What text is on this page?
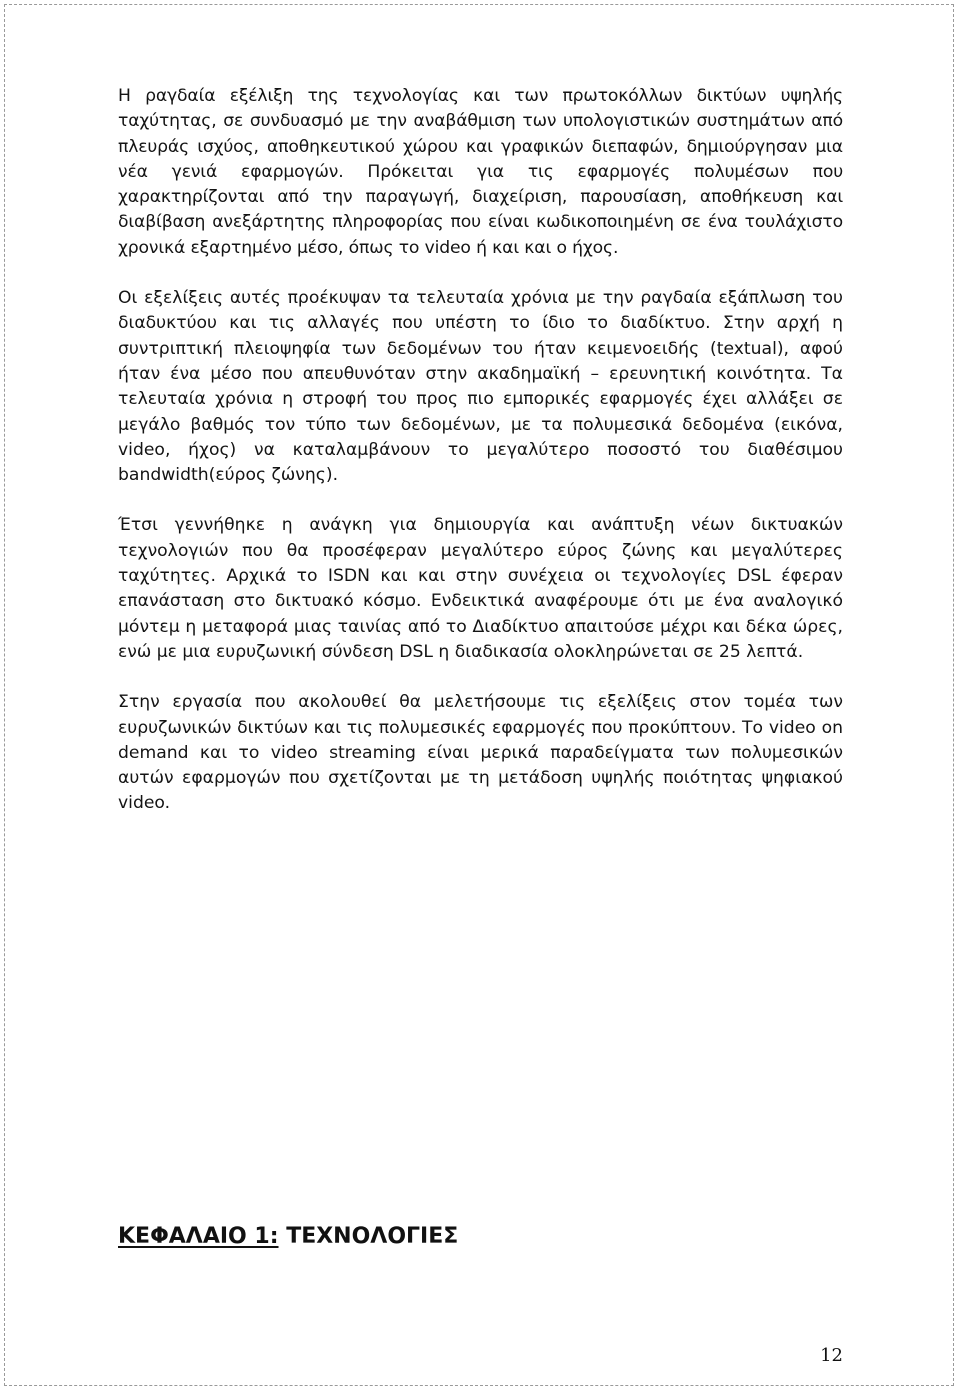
Η ραγδαία εξέλιξη της τεχνολογίας και των πρωτοκόλλων δικτύων υψηλής ταχύτητας, σε συνδυασμό με την αναβάθμιση των υπολογιστικών συστημάτων από πλευράς ισχύος, αποθηκευτικού χώρου και γραφικών διεπαφών, δημιούργησαν μια νέα γενιά εφαρμογών. Πρόκειται για τις εφαρμογές πολυμέσων που χαρακτηρίζονται από την παραγωγή, διαχείριση, παρουσίαση, αποθήκευση και διαβίβαση ανεξάρτητης πληροφορίας που είναι κωδικοποιημένη σε ένα τουλάχιστο χρονικά εξαρτημένο μέσο, όπως το video ή και και ο ήχος.

Οι εξελίξεις αυτές προέκυψαν τα τελευταία χρόνια με την ραγδαία εξάπλωση του διαδυκτύου και τις αλλαγές που υπέστη το ίδιο το διαδίκτυο. Στην αρχή η συντριπτική πλειοψηφία των δεδομένων του ήταν κειμενοειδής (textual), αφού ήταν ένα μέσο που απευθυνόταν στην ακαδημαϊκή – ερευνητική κοινότητα. Τα τελευταία χρόνια η στροφή του προς πιο εμπορικές εφαρμογές έχει αλλάξει σε μεγάλο βαθμός τον τύπο των δεδομένων, με τα πολυμεσικά δεδομένα (εικόνα, video, ήχος) να καταλαμβάνουν το μεγαλύτερο ποσοστό του διαθέσιμου bandwidth(εύρος ζώνης).

Έτσι γεννήθηκε η ανάγκη για δημιουργία και ανάπτυξη νέων δικτυακών τεχνολογιών που θα προσέφεραν μεγαλύτερο εύρος ζώνης και μεγαλύτερες ταχύτητες. Αρχικά το ISDN και και στην συνέχεια οι τεχνολογίες DSL έφεραν επανάσταση στο δικτυακό κόσμο. Ενδεικτικά αναφέρουμε ότι με ένα αναλογικό μόντεμ η μεταφορά μιας ταινίας από το Διαδίκτυο απαιτούσε μέχρι και δέκα ώρες, ενώ με μια ευρυζωνική σύνδεση DSL η διαδικασία ολοκληρώνεται σε 25 λεπτά.

Στην εργασία που ακολουθεί θα μελετήσουμε τις εξελίξεις στον τομέα των ευρυζωνικών δικτύων και τις πολυμεσικές εφαρμογές που προκύπτουν. Το video on demand και το video streaming είναι μερικά παραδείγματα των πολυμεσικών αυτών εφαρμογών που σχετίζονται με τη μετάδοση υψηλής ποιότητας ψηφιακού video.

ΚΕΦΑΛΑΙΟ 1: ΤΕΧΝΟΛΟΓΙΕΣ
12
